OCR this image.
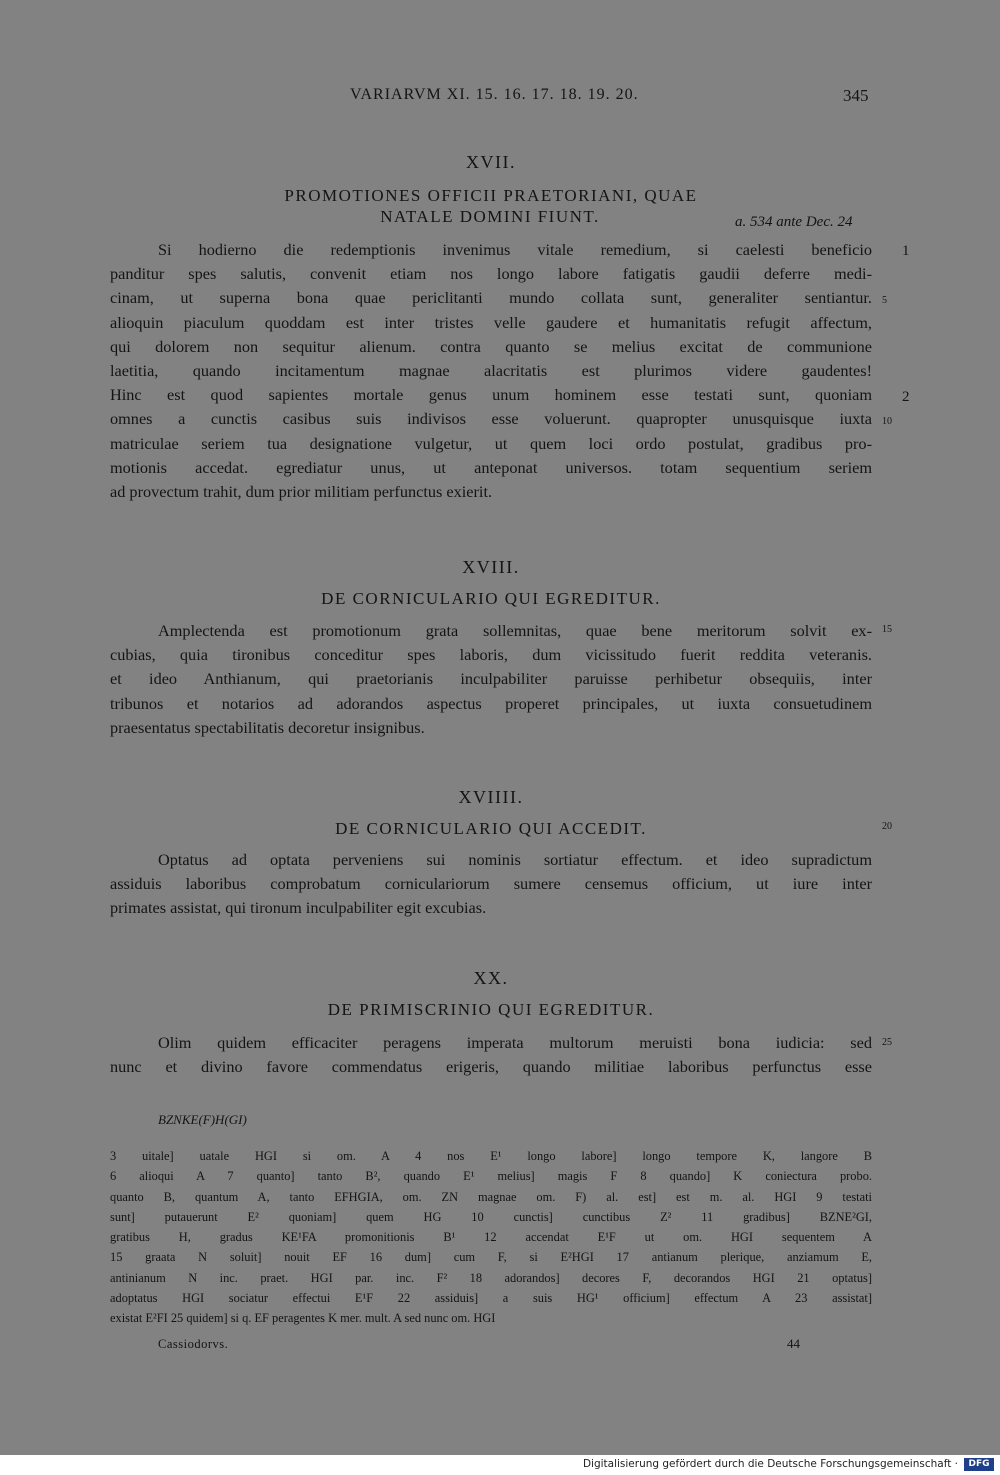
VARIARVM XI. 15. 16. 17. 18. 19. 20.	345
XVII.
PROMOTIONES OFFICII PRAETORIANI, QUAE
NATALE DOMINI FIUNT.	a. 534 ante Dec. 24
Si hodierno die redemptionis invenimus vitale remedium, si caelesti beneficio
panditur spes salutis, convenit etiam nos longo labore fatigatis gaudii deferre medi-
cinam, ut superna bona quae periclitanti mundo collata sunt, generaliter sentiantur.
alioquin piaculum quoddam est inter tristes velle gaudere et humanitatis refugit affectum,
qui dolorem non sequitur alienum. contra quanto se melius excitat de communione
laetitia, quando incitamentum magnae alacritatis est plurimos videre gaudentes!
Hinc est quod sapientes mortale genus unum hominem esse testati sunt, quoniam
omnes a cunctis casibus suis indivisos esse voluerunt. quapropter unusquisque iuxta
matriculae seriem tua designatione vulgetur, ut quem loci ordo postulat, gradibus pro-
motionis accedat. egrediatur unus, ut anteponat universos. totam sequentium seriem
ad provectum trahit, dum prior militiam perfunctus exierit.
1
5
2
10
XVIII.
DE CORNICULARIO QUI EGREDITUR.
Amplectenda est promotionum grata sollemnitas, quae bene meritorum solvit ex-
cubias, quia tironibus conceditur spes laboris, dum vicissitudo fuerit reddita veteranis.
et ideo Anthianum, qui praetorianis inculpabiliter paruisse perhibetur obsequiis, inter
tribunos et notarios ad adorandos aspectus properet principales, ut iuxta consuetudinem
praesentatus spectabilitatis decoretur insignibus.
15
XVIIII.
DE CORNICULARIO QUI ACCEDIT.	20
Optatus ad optata perveniens sui nominis sortiatur effectum. et ideo supradictum
assiduis laboribus comprobatum corniculariorum sumere censemus officium, ut iure inter
primates assistat, qui tironum inculpabiliter egit excubias.
XX.
DE PRIMISCRINIO QUI EGREDITUR.
Olim quidem efficaciter peragens imperata multorum meruisti bona iudicia: sed
nunc et divino favore commendatus erigeris, quando militiae laboribus perfunctus esse
25
BZNKE(F)H(GI)
3 uitale] uatale HGI si om. A 4 nos E¹ longo labore] longo tempore K, langore B
6 alioqui A 7 quanto] tanto B², quando E¹ melius] magis F 8 quando] K coniectura probo.
quanto B, quantum A, tanto EFHGIA, om. ZN magnae om. F) al. est] est m. al. HGI 9 testati
sunt] putauerunt E² quoniam] quem HG 10 cunctis] cunctibus Z² 11 gradibus] BZNE²GI,
gratibus H, gradus KE¹FA promonitionis B¹ 12 accendat E¹F ut om. HGI sequentem A
15 graata N soluit] nouit EF 16 dum] cum F, si E²HGI 17 antianum plerique, anziamum E,
antinianum N inc. praet. HGI par. inc. F² 18 adorandos] decores F, decorandos HGI 21 optatus]
adoptatus HGI sociatur effectui E¹F 22 assiduis] a suis HG¹ officium] effectum A 23 assistat]
existat E²FI 25 quidem] si q. EF peragentes K mer. mult. A sed nunc om. HGI
Cassiodorvs.	44
Digitalisierung gefördert durch die Deutsche Forschungsgemeinschaft ·	DFG
